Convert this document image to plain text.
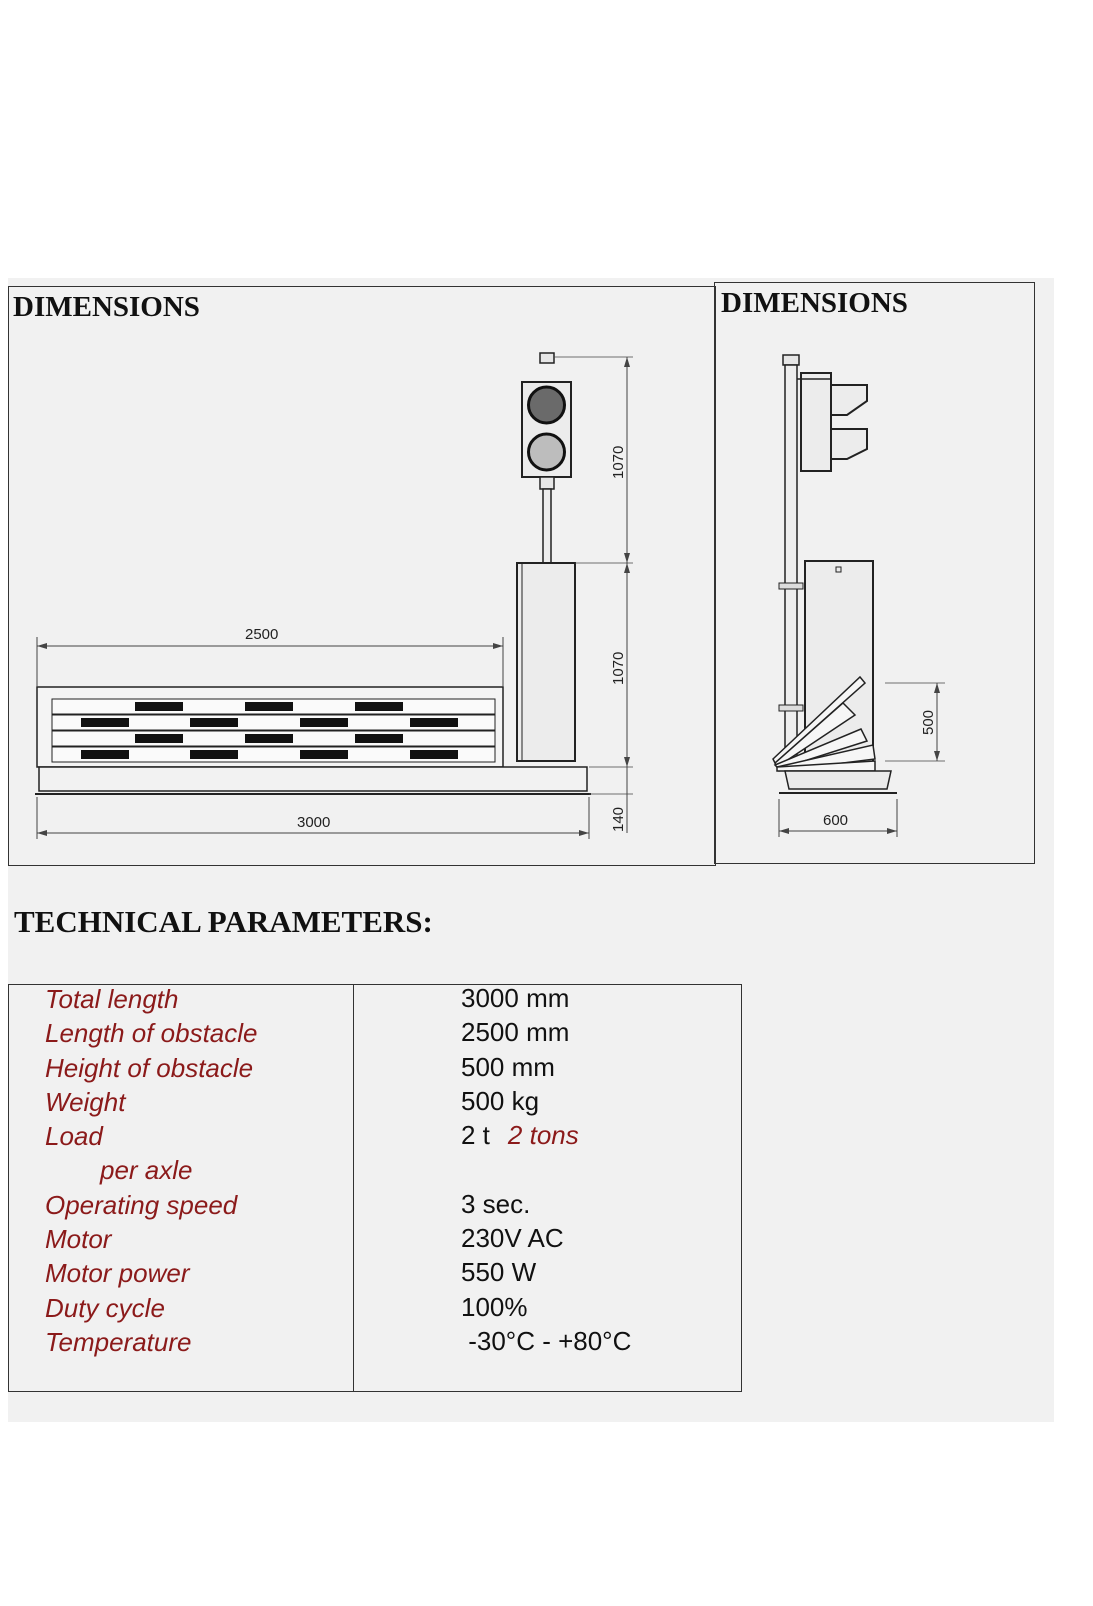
DIMENSIONS
2500
3000
1070
1070
140
DIMENSIONS
500
600
TECHNICAL PARAMETERS:
Total length
Length of obstacle
Height of obstacle
Weight
Load
per axle
Operating speed
Motor
Motor power
Duty cycle
Temperature
3000 mm
2500 mm
500 mm
500 kg
2 t 2 tons
3 sec.
230V AC
550 W
100%
-30°C - +80°C
